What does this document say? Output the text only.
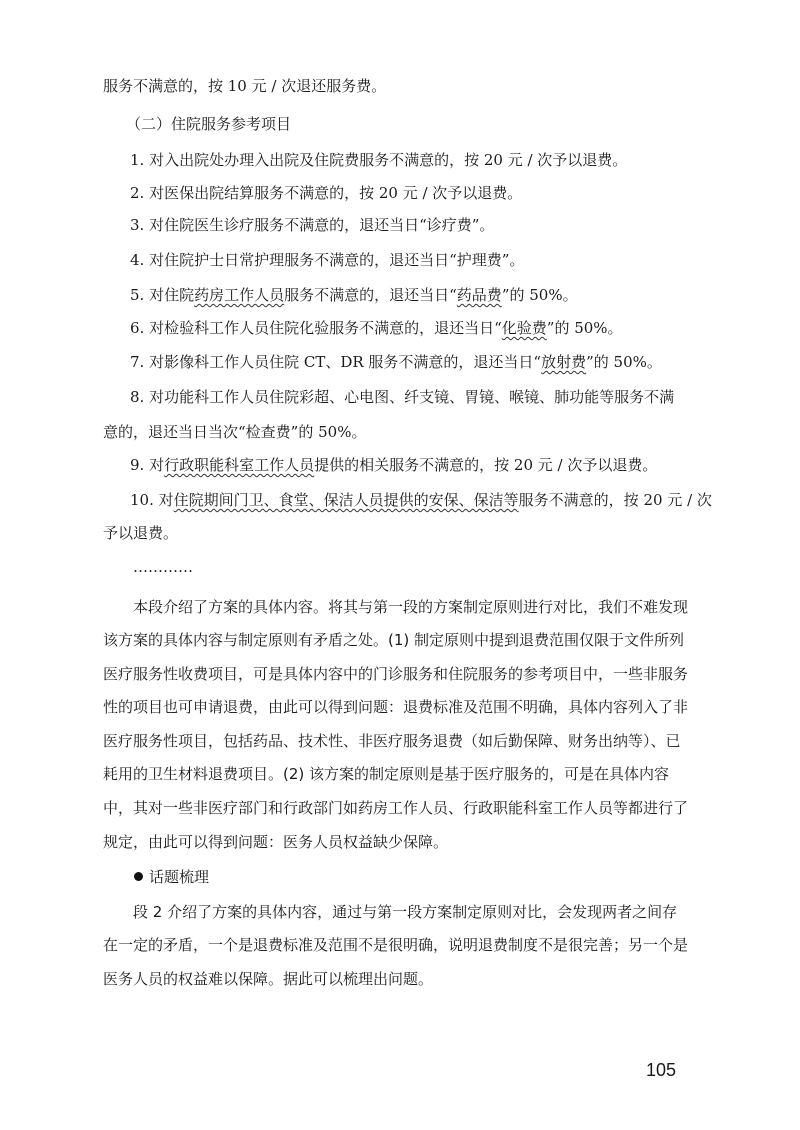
服务不满意的，按 10 元 / 次退还服务费。
（二）住院服务参考项目
1. 对入出院处办理入出院及住院费服务不满意的，按 20 元 / 次予以退费。
2. 对医保出院结算服务不满意的，按 20 元 / 次予以退费。
3. 对住院医生诊疗服务不满意的，退还当日“诊疗费”。
4. 对住院护士日常护理服务不满意的，退还当日“护理费”。
5. 对住院药房工作人员服务不满意的，退还当日“药品费”的 50%。
6. 对检验科工作人员住院化验服务不满意的，退还当日“化验费”的 50%。
7. 对影像科工作人员住院 CT、DR 服务不满意的，退还当日“放射费”的 50%。
8. 对功能科工作人员住院彩超、心电图、纤支镜、胃镜、喉镜、肺功能等服务不满
意的，退还当日当次“检查费”的 50%。
9. 对行政职能科室工作人员提供的相关服务不满意的，按 20 元 / 次予以退费。
10. 对住院期间门卫、食堂、保洁人员提供的安保、保洁等服务不满意的，按 20 元 / 次
予以退费。
…………
本段介绍了方案的具体内容。将其与第一段的方案制定原则进行对比，我们不难发现
该方案的具体内容与制定原则有矛盾之处。(1) 制定原则中提到退费范围仅限于文件所列
医疗服务性收费项目，可是具体内容中的门诊服务和住院服务的参考项目中，一些非服务
性的项目也可申请退费，由此可以得到问题：退费标准及范围不明确，具体内容列入了非
医疗服务性项目，包括药品、技术性、非医疗服务退费（如后勤保障、财务出纳等）、已
耗用的卫生材料退费项目。(2) 该方案的制定原则是基于医疗服务的，可是在具体内容
中，其对一些非医疗部门和行政部门如药房工作人员、行政职能科室工作人员等都进行了
规定，由此可以得到问题：医务人员权益缺少保障。
话题梳理
段 2 介绍了方案的具体内容，通过与第一段方案制定原则对比，会发现两者之间存
在一定的矛盾，一个是退费标准及范围不是很明确，说明退费制度不是很完善；另一个是
医务人员的权益难以保障。据此可以梳理出问题。
105
